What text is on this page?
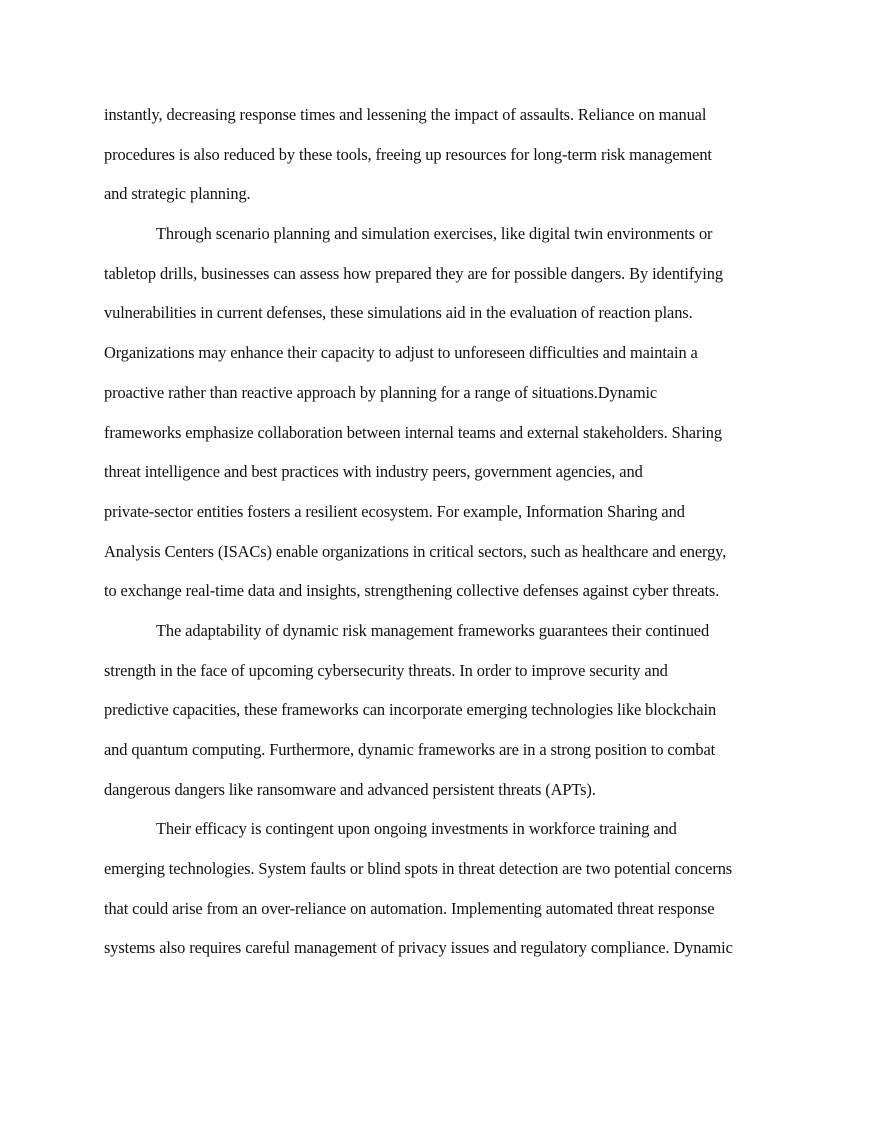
instantly, decreasing response times and lessening the impact of assaults. Reliance on manual
procedures is also reduced by these tools, freeing up resources for long-term risk management
and strategic planning.
Through scenario planning and simulation exercises, like digital twin environments or
tabletop drills, businesses can assess how prepared they are for possible dangers. By identifying
vulnerabilities in current defenses, these simulations aid in the evaluation of reaction plans.
Organizations may enhance their capacity to adjust to unforeseen difficulties and maintain a
proactive rather than reactive approach by planning for a range of situations.Dynamic
frameworks emphasize collaboration between internal teams and external stakeholders. Sharing
threat intelligence and best practices with industry peers, government agencies, and
private-sector entities fosters a resilient ecosystem. For example, Information Sharing and
Analysis Centers (ISACs) enable organizations in critical sectors, such as healthcare and energy,
to exchange real-time data and insights, strengthening collective defenses against cyber threats.
The adaptability of dynamic risk management frameworks guarantees their continued
strength in the face of upcoming cybersecurity threats. In order to improve security and
predictive capacities, these frameworks can incorporate emerging technologies like blockchain
and quantum computing. Furthermore, dynamic frameworks are in a strong position to combat
dangerous dangers like ransomware and advanced persistent threats (APTs).
Their efficacy is contingent upon ongoing investments in workforce training and
emerging technologies. System faults or blind spots in threat detection are two potential concerns
that could arise from an over-reliance on automation. Implementing automated threat response
systems also requires careful management of privacy issues and regulatory compliance. Dynamic
